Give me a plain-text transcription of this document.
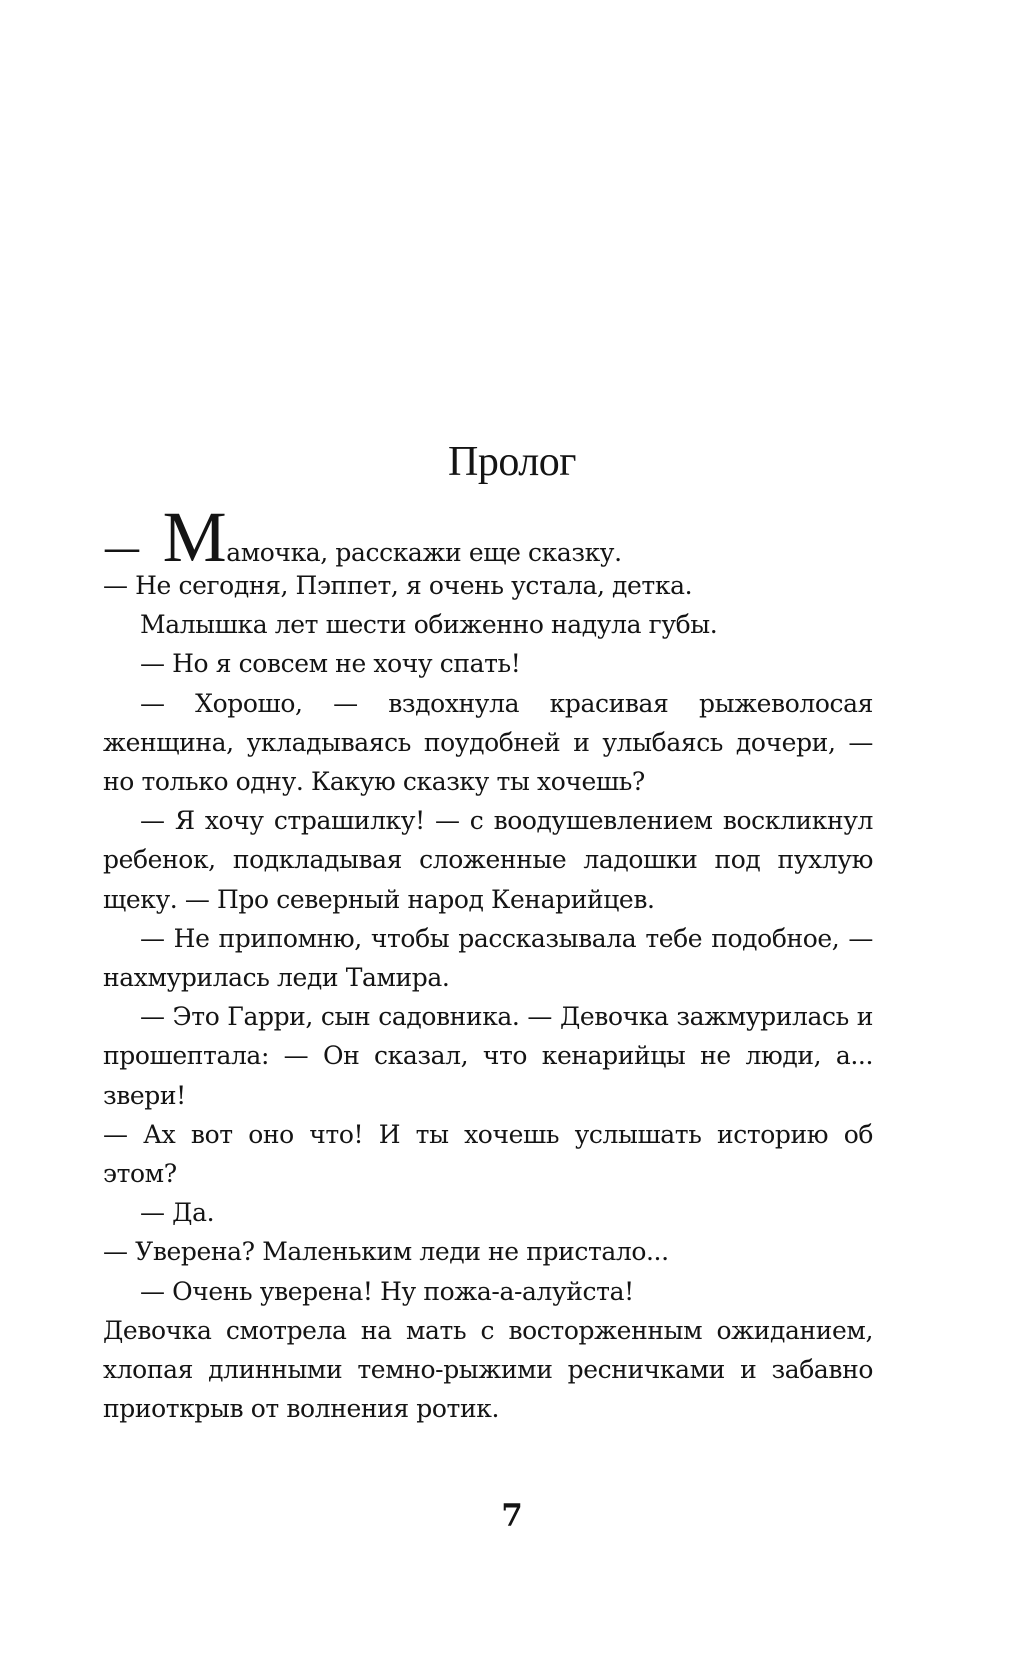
Пролог

— Мамочка, расскажи еще сказку.

— Не сегодня, Пэппет, я очень устала, детка.

Малышка лет шести обиженно надула губы.

— Но я совсем не хочу спать!

— Хорошо, — вздохнула красивая рыжеволосая женщина, укладываясь поудобней и улыбаясь дочери, — но только одну. Какую сказку ты хочешь?

— Я хочу страшилку! — с воодушевлением воскликнул ребенок, подкладывая сложенные ладошки под пухлую щеку. — Про северный народ Кенарийцев.

— Не припомню, чтобы рассказывала тебе подобное, — нахмурилась леди Тамира.

— Это Гарри, сын садовника. — Девочка зажмурилась и прошептала: — Он сказал, что кенарийцы не люди, а... звери!

— Ах вот оно что! И ты хочешь услышать историю об этом?

— Да.

— Уверена? Маленьким леди не пристало...

— Очень уверена! Ну пожа-а-алуйста!

Девочка смотрела на мать с восторженным ожиданием, хлопая длинными темно-рыжими ресничками и забавно приоткрыв от волнения ротик.

7
